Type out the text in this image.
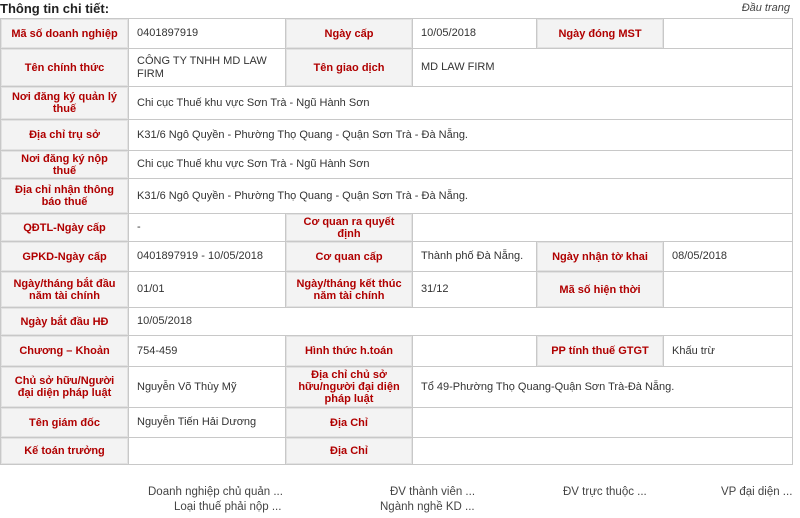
Thông tin chi tiết:	Đầu trang
Mã số doanh nghiệp	0401897919	Ngày cấp	10/05/2018	Ngày đóng MST	
Tên chính thức	CÔNG TY TNHH MD LAW FIRM	Tên giao dịch	MD LAW FIRM		
Nơi đăng ký quản lý thuế	Chi cục Thuế khu vực Sơn Trà - Ngũ Hành Sơn				
Địa chỉ trụ sở	K31/6 Ngô Quyền - Phường Thọ Quang - Quận Sơn Trà - Đà Nẵng.				
Nơi đăng ký nộp thuế	Chi cục Thuế khu vực Sơn Trà - Ngũ Hành Sơn				
Địa chỉ nhận thông báo thuế	K31/6 Ngô Quyền - Phường Thọ Quang - Quận Sơn Trà - Đà Nẵng.				
QĐTL-Ngày cấp	-	Cơ quan ra quyết định			
GPKD-Ngày cấp	0401897919 - 10/05/2018	Cơ quan cấp	Thành phố Đà Nẵng.	Ngày nhận tờ khai	08/05/2018
Ngày/tháng bắt đầu năm tài chính	01/01	Ngày/tháng kết thúc năm tài chính	31/12	Mã số hiện thời	
Ngày bắt đầu HĐ	10/05/2018				
Chương – Khoản	754-459	Hình thức h.toán		PP tính thuế GTGT	Khấu trừ
Chủ sở hữu/Người đại diện pháp luật	Nguyễn Võ Thùy Mỹ	Địa chỉ chủ sở hữu/người đại diện pháp luật	Tổ 49-Phường Thọ Quang-Quận Sơn Trà-Đà Nẵng.		
Tên giám đốc	Nguyễn Tiến Hải Dương	Địa Chỉ			
Kế toán trưởng		Địa Chỉ			
Doanh nghiệp chủ quản ...	ĐV thành viên ...	ĐV trực thuộc ...	VP đại diện ...
Loại thuế phải nộp ...	Ngành nghề KD ...
